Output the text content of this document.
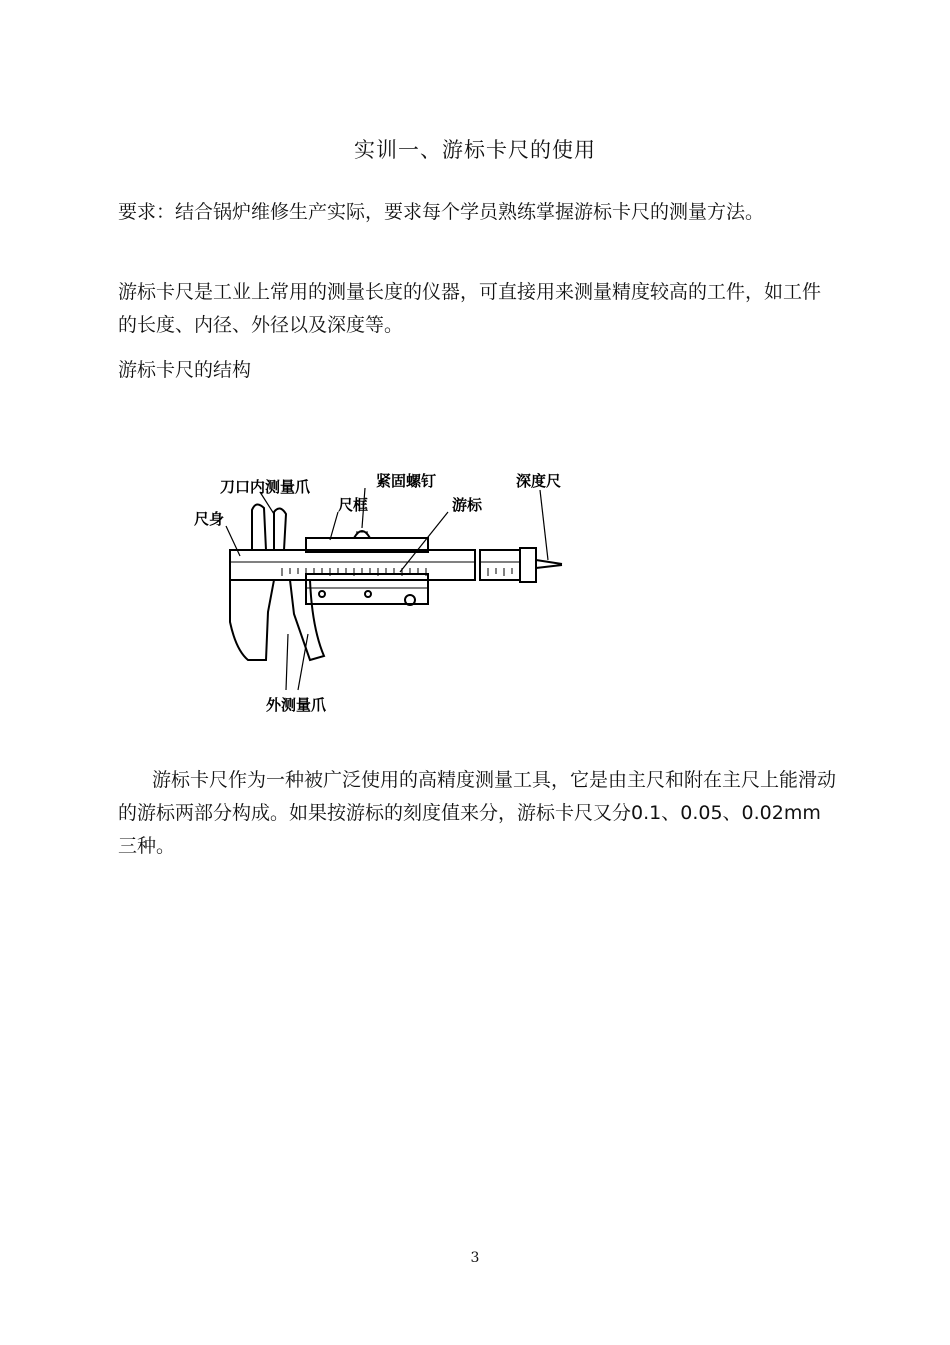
实训一、游标卡尺的使用

要求：结合锅炉维修生产实际，要求每个学员熟练掌握游标卡尺的测量方法。

游标卡尺是工业上常用的测量长度的仪器，可直接用来测量精度较高的工件，如工件的长度、内径、外径以及深度等。

游标卡尺的结构

刀口内测量爪	紧固螺钉	深度尺
尺框	游标
尺身
外测量爪

游标卡尺作为一种被广泛使用的高精度测量工具，它是由主尺和附在主尺上能滑动的游标两部分构成。如果按游标的刻度值来分，游标卡尺又分0.1、0.05、0.02mm 三种。

3
